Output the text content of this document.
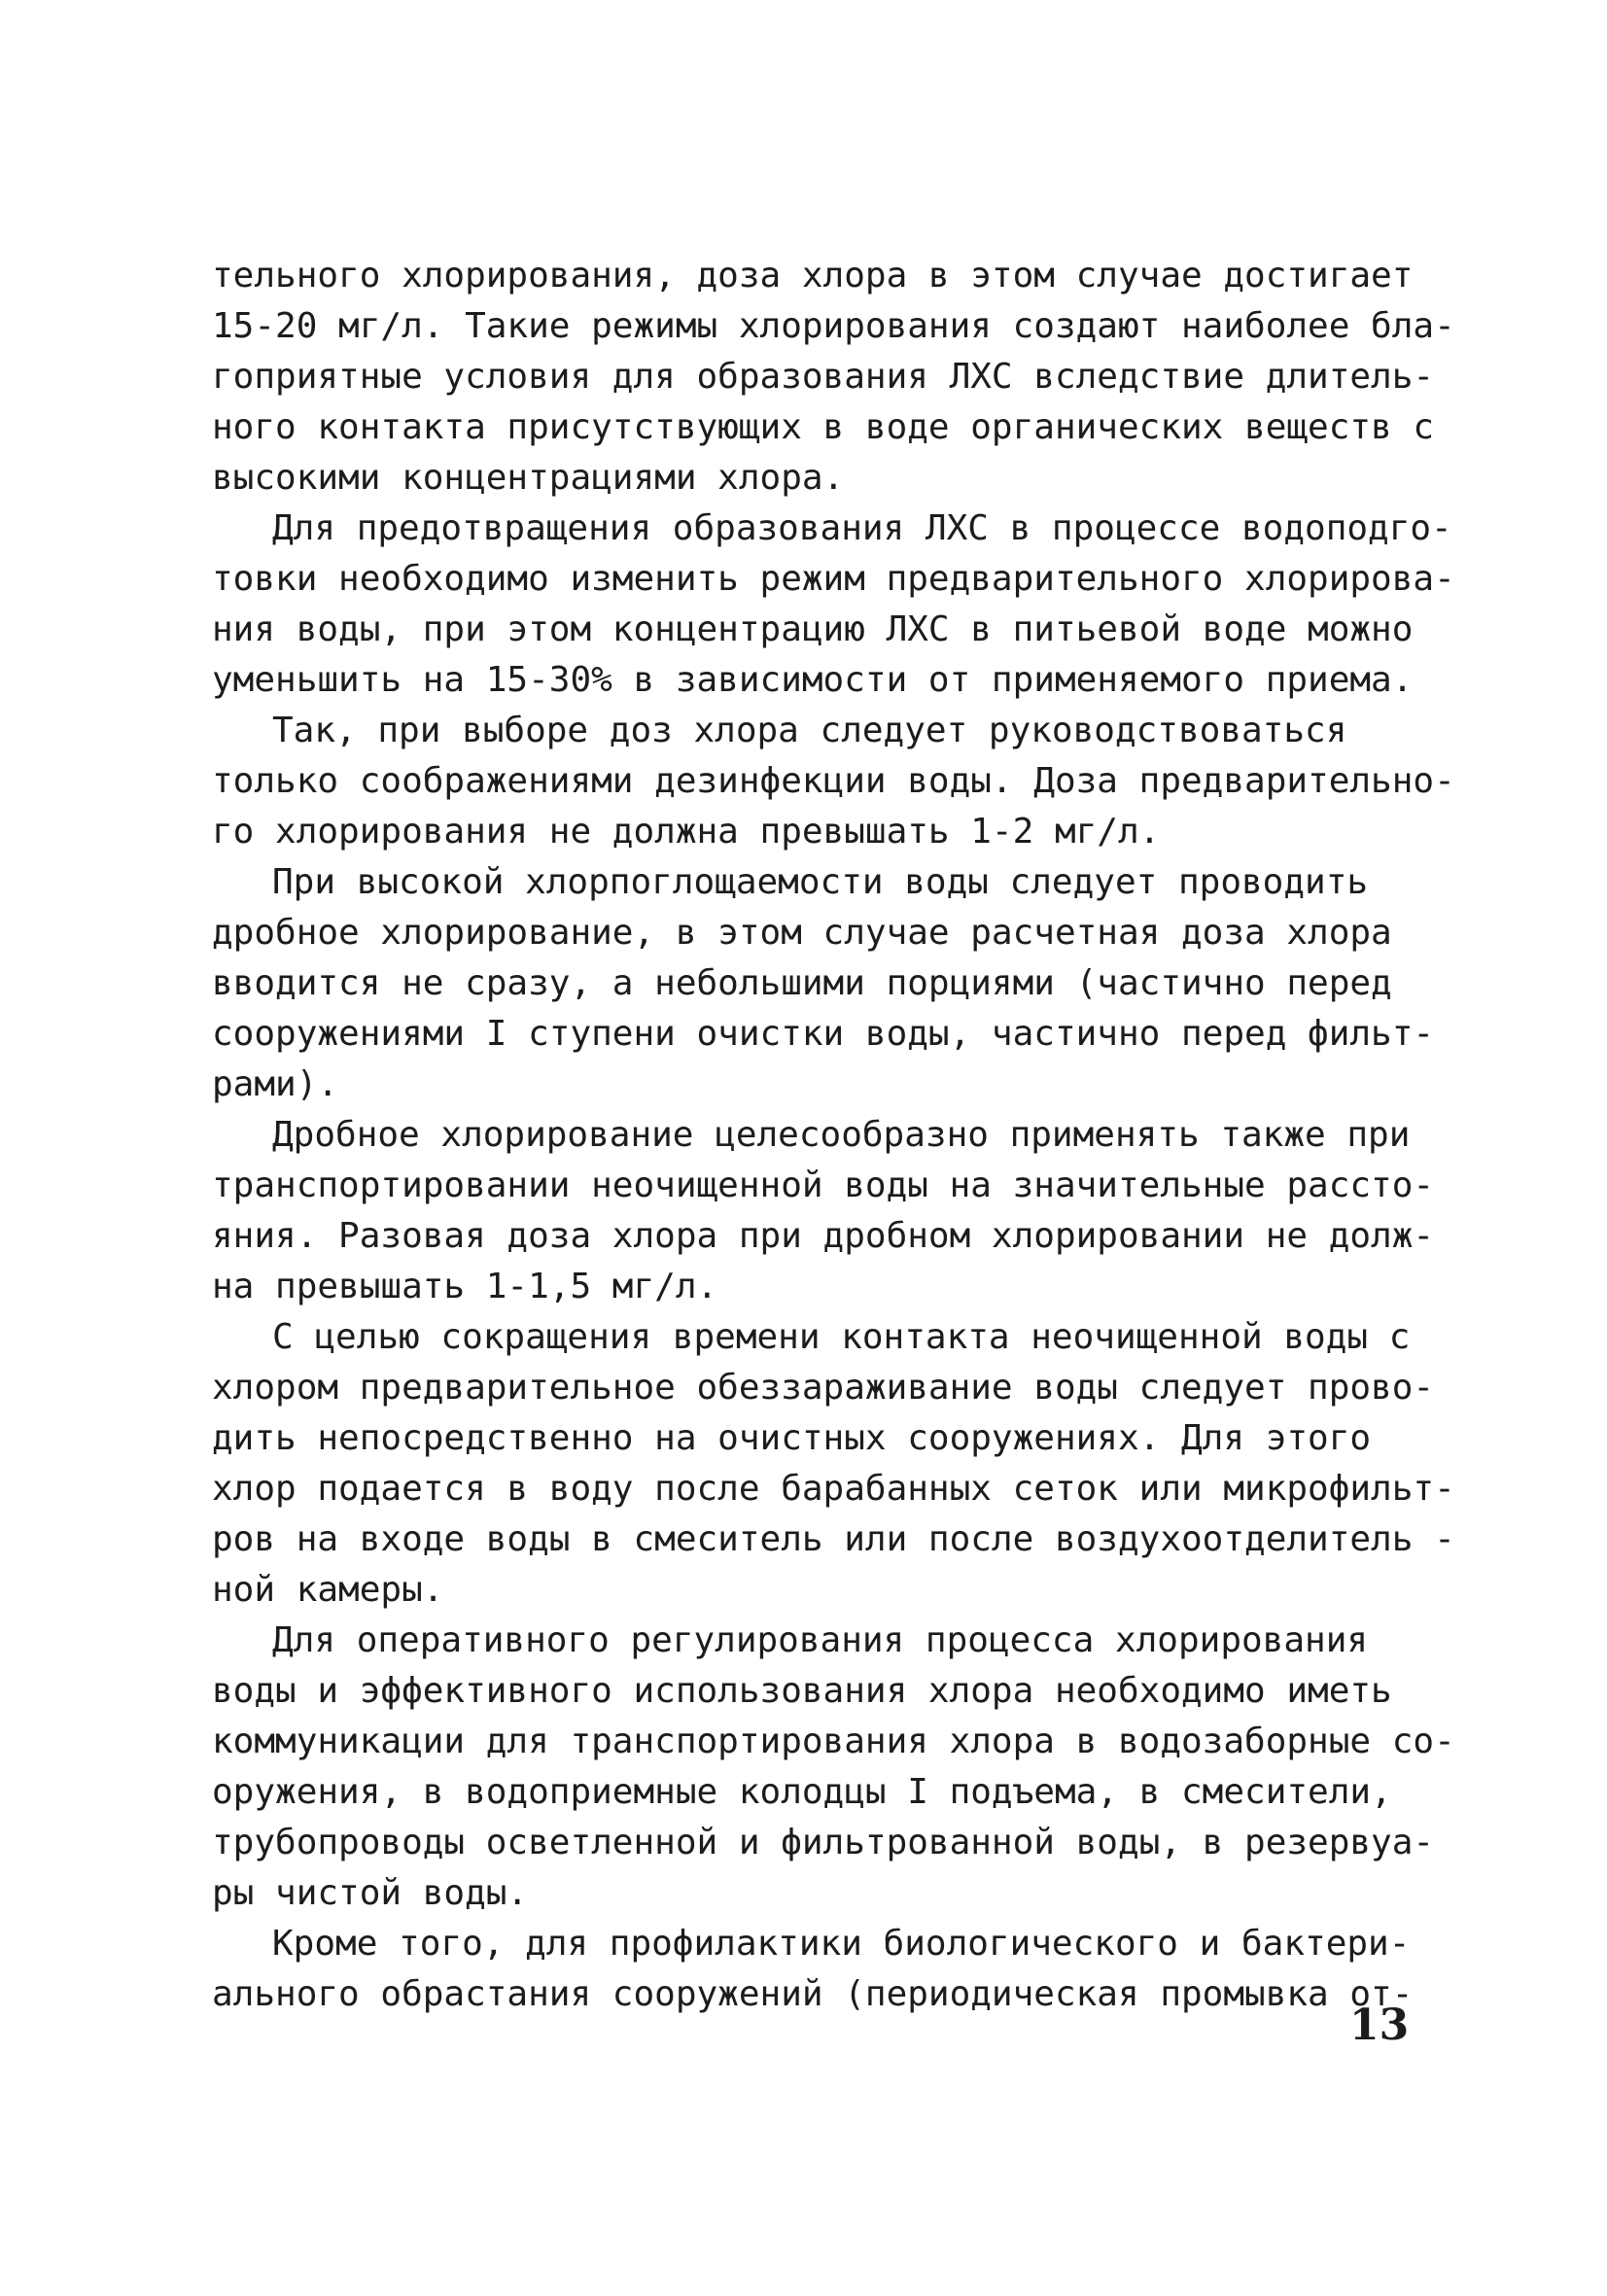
тельного хлорирования, доза хлора в этом случае достигает
15-20 мг/л. Такие режимы хлорирования создают наиболее бла-
гоприятные условия для образования ЛХС вследствие длитель-
ного контакта присутствующих в воде органических веществ с
высокими концентрациями хлора.
Для предотвращения образования ЛХС в процессе водоподго-
товки необходимо изменить режим предварительного хлорирова-
ния воды, при этом концентрацию ЛХС в питьевой воде можно
уменьшить на 15-30% в зависимости от применяемого приема.
Так, при выборе доз хлора следует руководствоваться
только соображениями дезинфекции воды. Доза предварительно-
го хлорирования не должна превышать 1-2 мг/л.
При высокой хлорпоглощаемости воды следует проводить
дробное хлорирование, в этом случае расчетная доза хлора
вводится не сразу, а небольшими порциями (частично перед
сооружениями I ступени очистки воды, частично перед фильт-
рами).
Дробное хлорирование целесообразно применять также при
транспортировании неочищенной воды на значительные расcто-
яния. Разовая доза хлора при дробном хлорировании не долж-
на превышать 1-1,5 мг/л.
С целью сокращения времени контакта неочищенной воды с
хлором предварительное обеззараживание воды следует прово-
дить непосредственно на очистных сооружениях. Для этого
хлор подается в воду после барабанных сеток или микрофильт-
ров на входе воды в смеситель или после воздухоотделитель -
ной камеры.
Для оперативного регулирования процесса хлорирования
воды и эффективного использования хлора необходимо иметь
коммуникации для транспортирования хлора в водозаборные со-
оружения, в водоприемные колодцы I подъема, в смесители,
трубопроводы осветленной и фильтрованной воды, в резервуа-
ры чистой воды.
Кроме того, для профилактики биологического и бактери-
ального обрастания сооружений (периодическая промывка от-
13
